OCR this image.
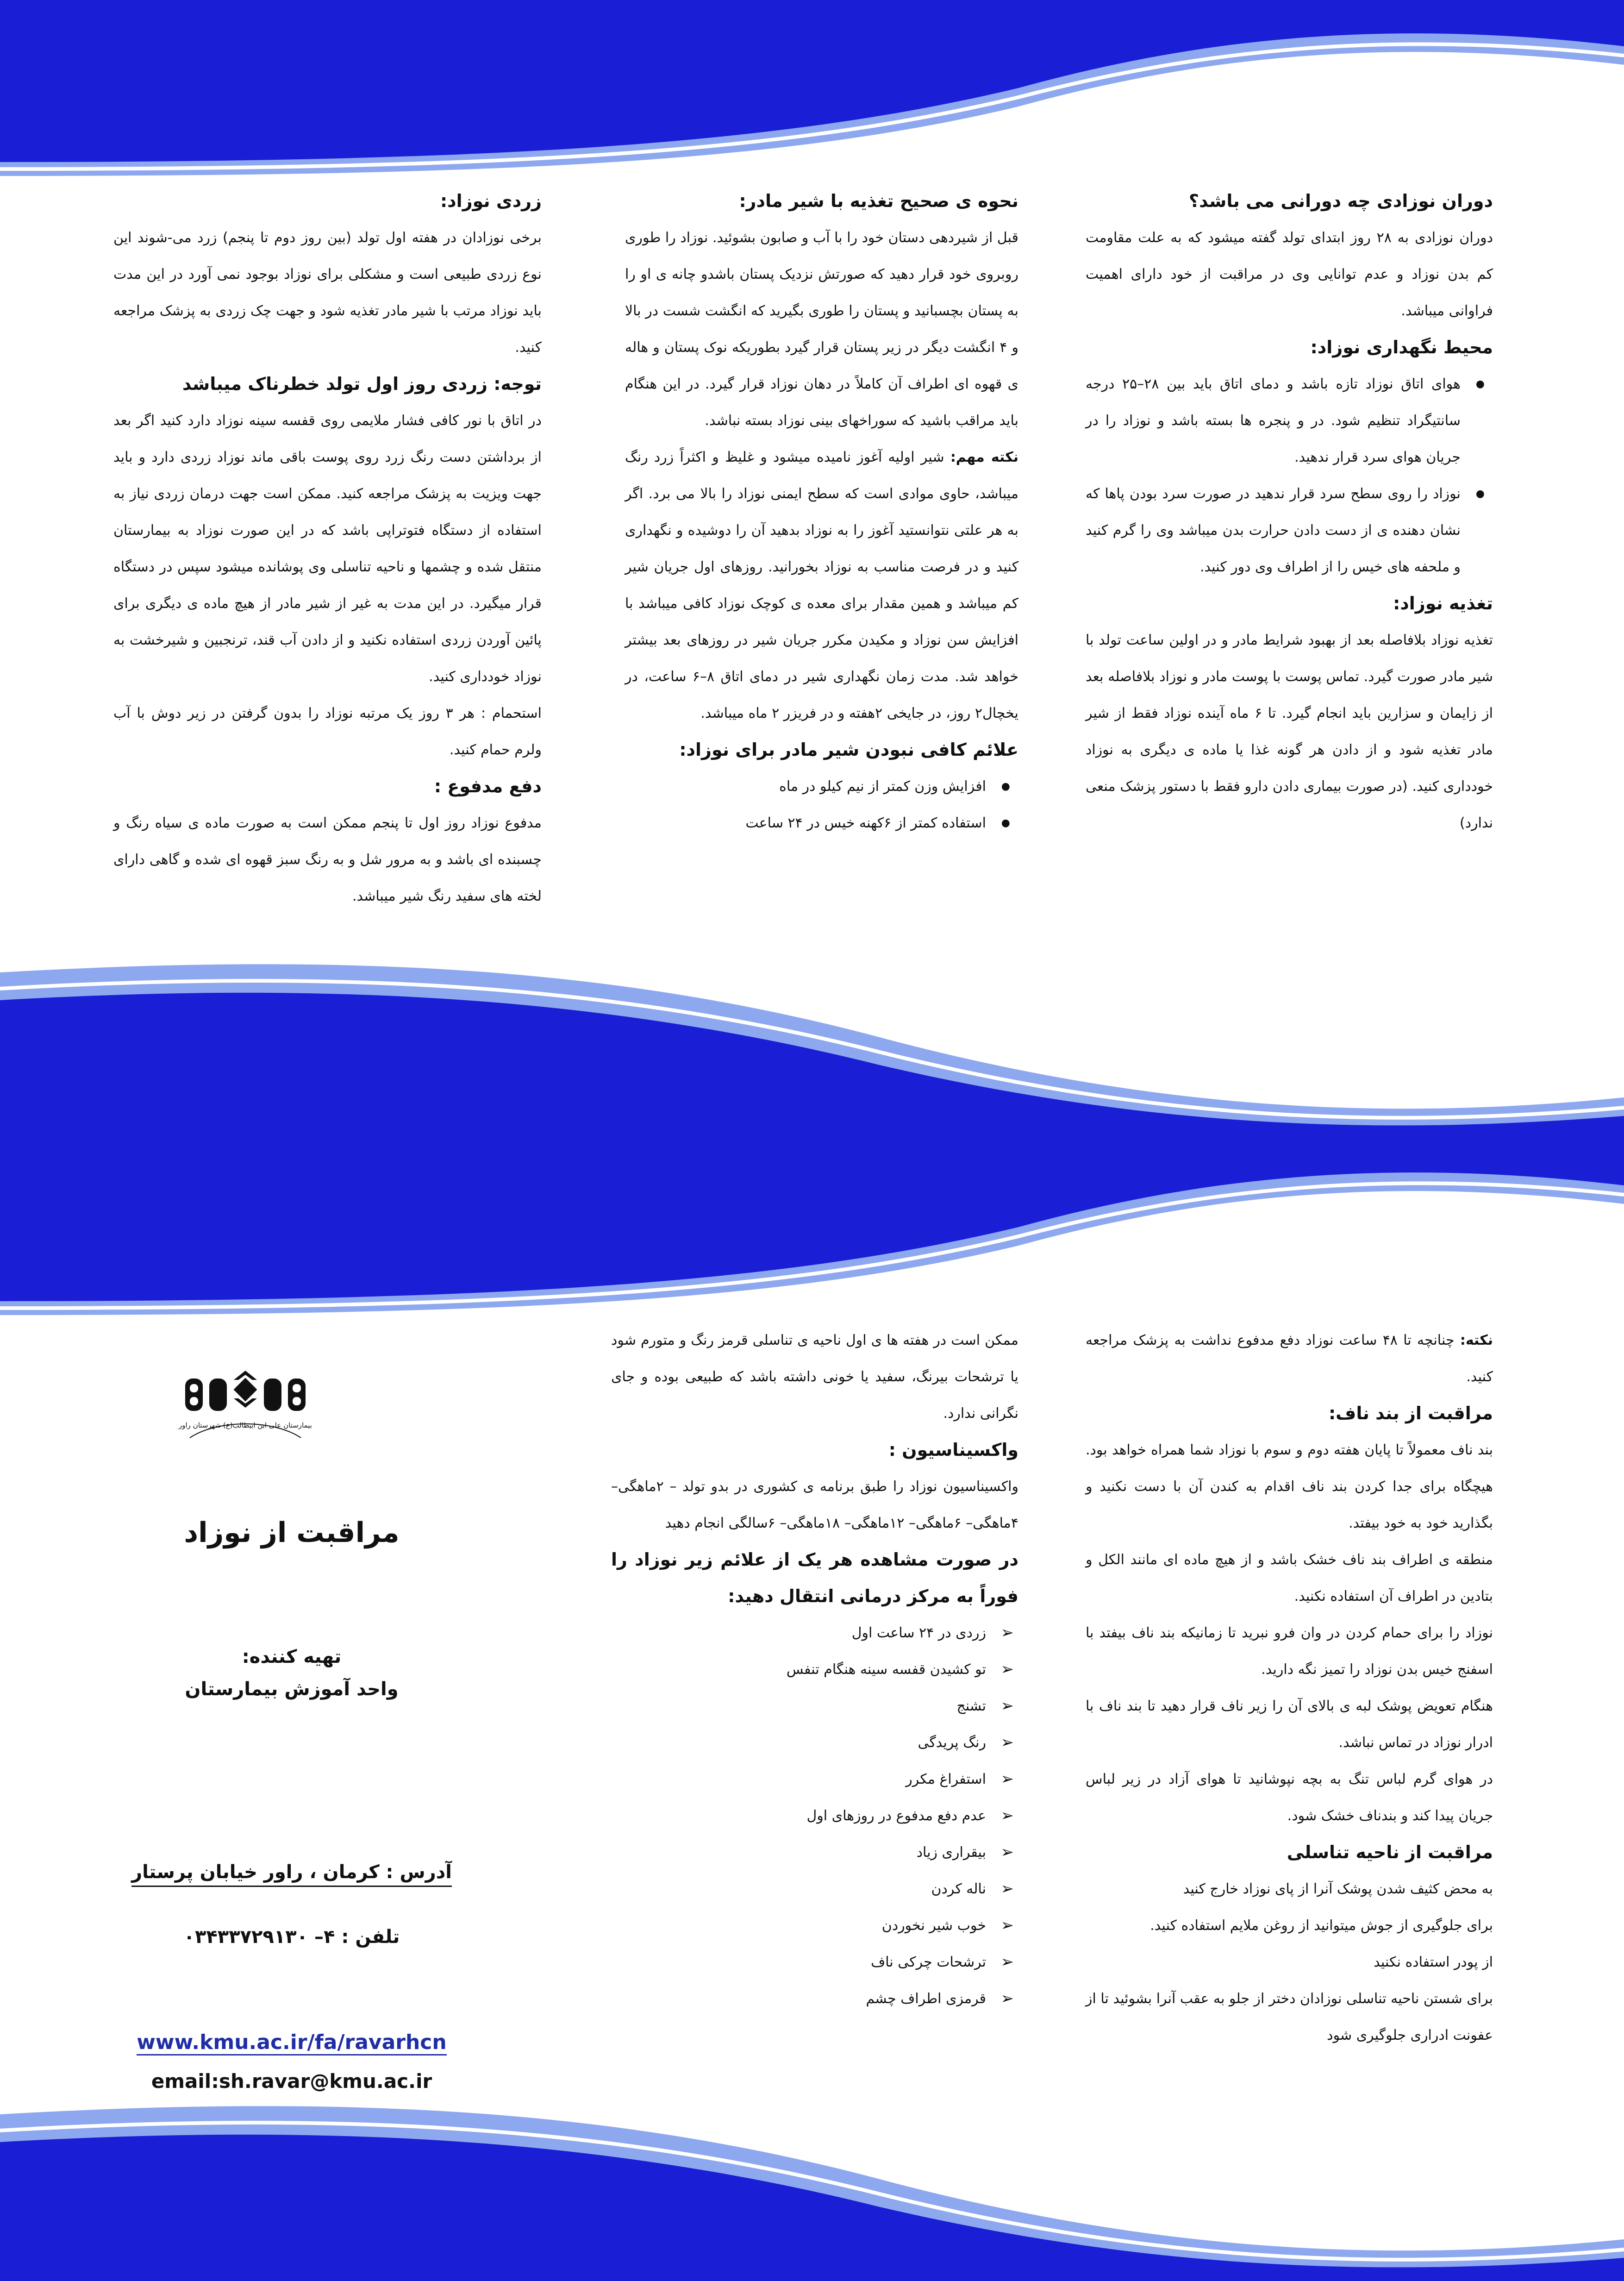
دوران نوزادی چه دورانی می باشد؟

دوران نوزادی به ۲۸ روز ابتدای تولد گفته میشود که به علت مقاومت کم بدن نوزاد و عدم توانایی وی در مراقبت از خود دارای اهمیت فراوانی میباشد.

محیط نگهداری نوزاد:
● هوای اتاق نوزاد تازه باشد و دمای اتاق باید بین ۲۸–۲۵ درجه سانتیگراد تنظیم شود. در و پنجره ها بسته باشد و نوزاد را در جریان هوای سرد قرار ندهید.
● نوزاد را روی سطح سرد قرار ندهید در صورت سرد بودن پاها که نشان دهنده ی از دست دادن حرارت بدن میباشد وی را گرم کنید و ملحفه های خیس را از اطراف وی دور کنید.
تغذیه نوزاد:

تغذیه نوزاد بلافاصله بعد از بهبود شرایط مادر و در اولین ساعت تولد با شیر مادر صورت گیرد. تماس پوست با پوست مادر و نوزاد بلافاصله بعد از زایمان و سزارین باید انجام گیرد. تا ۶ ماه آینده نوزاد فقط از شیر مادر تغذیه شود و از دادن هر گونه غذا یا ماده ی دیگری به نوزاد خودداری کنید. (در صورت بیماری دادن دارو فقط با دستور پزشک منعی ندارد)

نحوه ی صحیح تغذیه با شیر مادر:

قبل از شیردهی دستان خود را با آب و صابون بشوئید. نوزاد را طوری روبروی خود قرار دهید که صورتش نزدیک پستان باشدو چانه ی او را به پستان بچسبانید و پستان را طوری بگیرید که انگشت شست در بالا و ۴ انگشت دیگر در زیر پستان قرار گیرد بطوریکه نوک پستان و هاله ی قهوه ای اطراف آن کاملاً در دهان نوزاد قرار گیرد. در این هنگام باید مراقب باشید که سوراخهای بینی نوزاد بسته نباشد.

نکته مهم: شیر اولیه آغوز نامیده میشود و غلیظ و اکثراً زرد رنگ میباشد، حاوی موادی است که سطح ایمنی نوزاد را بالا می برد. اگر به هر علتی نتوانستید آغوز را به نوزاد بدهید آن را دوشیده و نگهداری کنید و در فرصت مناسب به نوزاد بخورانید. روزهای اول جریان شیر کم میباشد و همین مقدار برای معده ی کوچک نوزاد کافی میباشد با افزایش سن نوزاد و مکیدن مکرر جریان شیر در روزهای بعد بیشتر خواهد شد. مدت زمان نگهداری شیر در دمای اتاق ۸–۶ ساعت، در یخچال۲ روز، در جایخی ۲هفته و در فریزر ۲ ماه میباشد.

علائم کافی نبودن شیر مادر برای نوزاد:
● افزایش وزن کمتر از نیم کیلو در ماه
● استفاده کمتر از ۶کهنه خیس در ۲۴ ساعت
زردی نوزاد:

برخی نوزادان در هفته اول تولد (بین روز دوم تا پنجم) زرد می-شوند این نوع زردی طبیعی است و مشکلی برای نوزاد بوجود نمی آورد در این مدت باید نوزاد مرتب با شیر مادر تغذیه شود و جهت چک زردی به پزشک مراجعه کنید.

توجه: زردی روز اول تولد خطرناک میباشد

در اتاق با نور کافی فشار ملایمی روی قفسه سینه نوزاد دارد کنید اگر بعد از برداشتن دست رنگ زرد روی پوست باقی ماند نوزاد زردی دارد و باید جهت ویزیت به پزشک مراجعه کنید. ممکن است جهت درمان زردی نیاز به استفاده از دستگاه فتوتراپی باشد که در این صورت نوزاد به بیمارستان منتقل شده و چشمها و ناحیه تناسلی وی پوشانده میشود سپس در دستگاه قرار میگیرد. در این مدت به غیر از شیر مادر از هیچ ماده ی دیگری برای پائین آوردن زردی استفاده نکنید و از دادن آب قند، ترنجبین و شیرخشت به نوزاد خودداری کنید.

استحمام : هر ۳ روز یک مرتبه نوزاد را بدون گرفتن در زیر دوش با آب ولرم حمام کنید.

دفع مدفوع :

مدفوع نوزاد روز اول تا پنجم ممکن است به صورت ماده ی سیاه رنگ و چسبنده ای باشد و به مرور شل و به رنگ سبز قهوه ای شده و گاهی دارای لخته های سفید رنگ شیر میباشد.

نکته: چنانچه تا ۴۸ ساعت نوزاد دفع مدفوع نداشت به پزشک مراجعه کنید.

مراقبت از بند ناف:

بند ناف معمولاً تا پایان هفته دوم و سوم با نوزاد شما همراه خواهد بود. هیچگاه برای جدا کردن بند ناف اقدام به کندن آن با دست نکنید و بگذارید خود به خود بیفتد.

منطقه ی اطراف بند ناف خشک باشد و از هیچ ماده ای مانند الکل و بتادین در اطراف آن استفاده نکنید.

نوزاد را برای حمام کردن در وان فرو نبرید تا زمانیکه بند ناف بیفتد با اسفنج خیس بدن نوزاد را تمیز نگه دارید.

هنگام تعویض پوشک لبه ی بالای آن را زیر ناف قرار دهید تا بند ناف با ادرار نوزاد در تماس نباشد.

در هوای گرم لباس تنگ به بچه نپوشانید تا هوای آزاد در زیر لباس جریان پیدا کند و بندناف خشک شود.

مراقبت از ناحیه تناسلی

به محض کثیف شدن پوشک آنرا از پای نوزاد خارج کنید

برای جلوگیری از جوش میتوانید از روغن ملایم استفاده کنید.

از پودر استفاده نکنید

برای شستن ناحیه تناسلی نوزادان دختر از جلو به عقب آنرا بشوئید تا از عفونت ادراری جلوگیری شود

ممکن است در هفته ها ی اول ناحیه ی تناسلی قرمز رنگ و متورم شود یا ترشحات بیرنگ، سفید یا خونی داشته باشد که طبیعی بوده و جای نگرانی ندارد.

واکسیناسیون :

واکسیناسیون نوزاد را طبق برنامه ی کشوری در بدو تولد – ۲ماهگی– ۴ماهگی– ۶ماهگی– ۱۲ماهگی– ۱۸ماهگی– ۶سالگی انجام دهید

در صورت مشاهده هر یک از علائم زیر نوزاد را فوراً به مرکز درمانی انتقال دهید:
➢ زردی در ۲۴ ساعت اول
➢ تو کشیدن قفسه سینه هنگام تنفس
➢ تشنج
➢ رنگ پریدگی
➢ استفراغ مکرر
➢ عدم دفع مدفوع در روزهای اول
➢ بیقراری زیاد
➢ ناله کردن
➢ خوب شیر نخوردن
➢ ترشحات چرکی ناف
➢ قرمزی اطراف چشم
بیمارستان علی ابن ابیطالب(ع) شهرستان راور
مراقبت از نوزاد
تهیه کننده:
واحد آموزش بیمارستان
آدرس : کرمان ، راور خیابان پرستار
تلفن : ۴– ۰۳۴۳۳۷۲۹۱۳۰
www.kmu.ac.ir/fa/ravarhcn
email:sh.ravar@kmu.ac.ir
